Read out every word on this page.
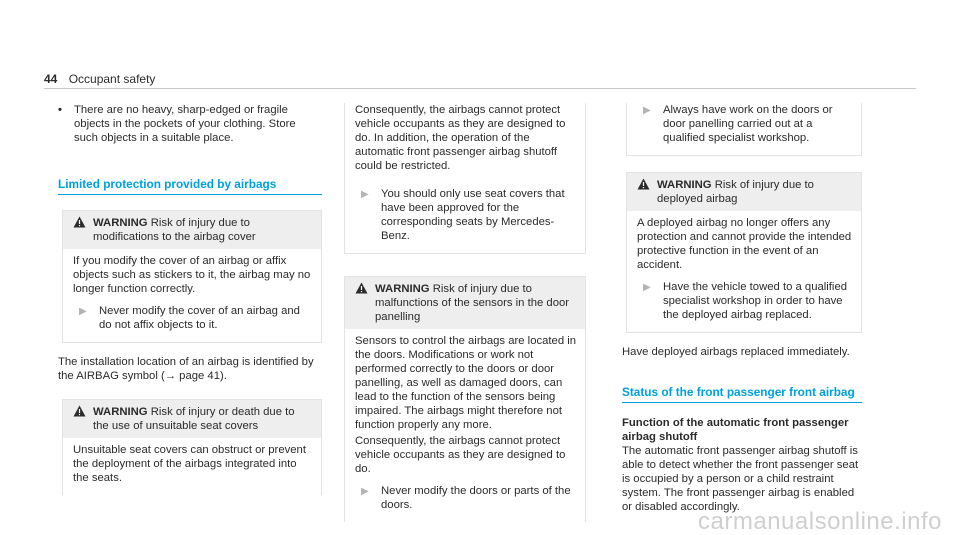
44 Occupant safety
• There are no heavy, sharp-edged or fragile objects in the pockets of your clothing. Store such objects in a suitable place.

Limited protection provided by airbags
WARNING Risk of injury due to modifications to the airbag cover

If you modify the cover of an airbag or affix objects such as stickers to it, the airbag may no longer function correctly.

▶ Never modify the cover of an airbag and do not affix objects to it.

The installation location of an airbag is identified by the AIRBAG symbol (→ page 41).

WARNING Risk of injury or death due to the use of unsuitable seat covers

Unsuitable seat covers can obstruct or prevent the deployment of the airbags integrated into the seats.

Consequently, the airbags cannot protect vehicle occupants as they are designed to do. In addition, the operation of the automatic front passenger airbag shutoff could be restricted.

▶ You should only use seat covers that have been approved for the corresponding seats by Mercedes-Benz.

WARNING Risk of injury due to malfunctions of the sensors in the door panelling

Sensors to control the airbags are located in the doors. Modifications or work not performed correctly to the doors or door panelling, as well as damaged doors, can lead to the function of the sensors being impaired. The airbags might therefore not function properly any more.

Consequently, the airbags cannot protect vehicle occupants as they are designed to do.

▶ Never modify the doors or parts of the doors.

▶ Always have work on the doors or door panelling carried out at a qualified specialist workshop.

WARNING Risk of injury due to deployed airbag

A deployed airbag no longer offers any protection and cannot provide the intended protective function in the event of an accident.

▶ Have the vehicle towed to a qualified specialist workshop in order to have the deployed airbag replaced.

Have deployed airbags replaced immediately.

Status of the front passenger front airbag

Function of the automatic front passenger airbag shutoff

The automatic front passenger airbag shutoff is able to detect whether the front passenger seat is occupied by a person or a child restraint system. The front passenger airbag is enabled or disabled accordingly.

carmanualsonline.info
